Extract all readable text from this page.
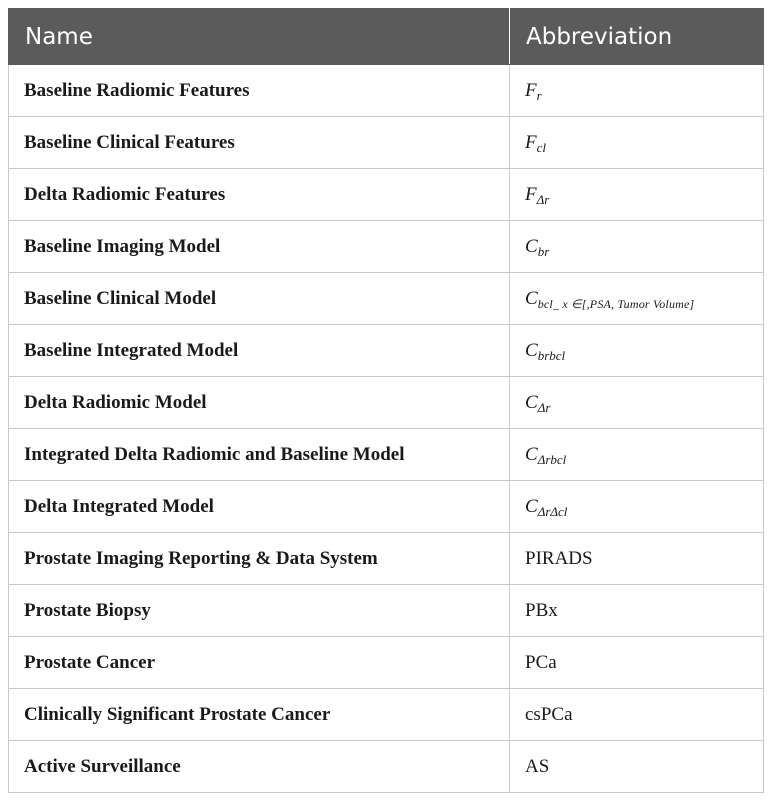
Name	Abbreviation
Baseline Radiomic Features	$F_r$
Baseline Clinical Features	$F_{cl}$
Delta Radiomic Features	$F_{\Delta r}$
Baseline Imaging Model	$C_{br}$
Baseline Clinical Model	$C_{bcl\_ x \in[,PSA, Tumor Volume]}$
Baseline Integrated Model	$C_{brbcl}$
Delta Radiomic Model	$C_{\Delta r}$
Integrated Delta Radiomic and Baseline Model	$C_{\Delta rbcl}$
Delta Integrated Model	$C_{\Delta r\Delta cl}$
Prostate Imaging Reporting & Data System	PIRADS
Prostate Biopsy	PBx
Prostate Cancer	PCa
Clinically Significant Prostate Cancer	csPCa
Active Surveillance	AS
